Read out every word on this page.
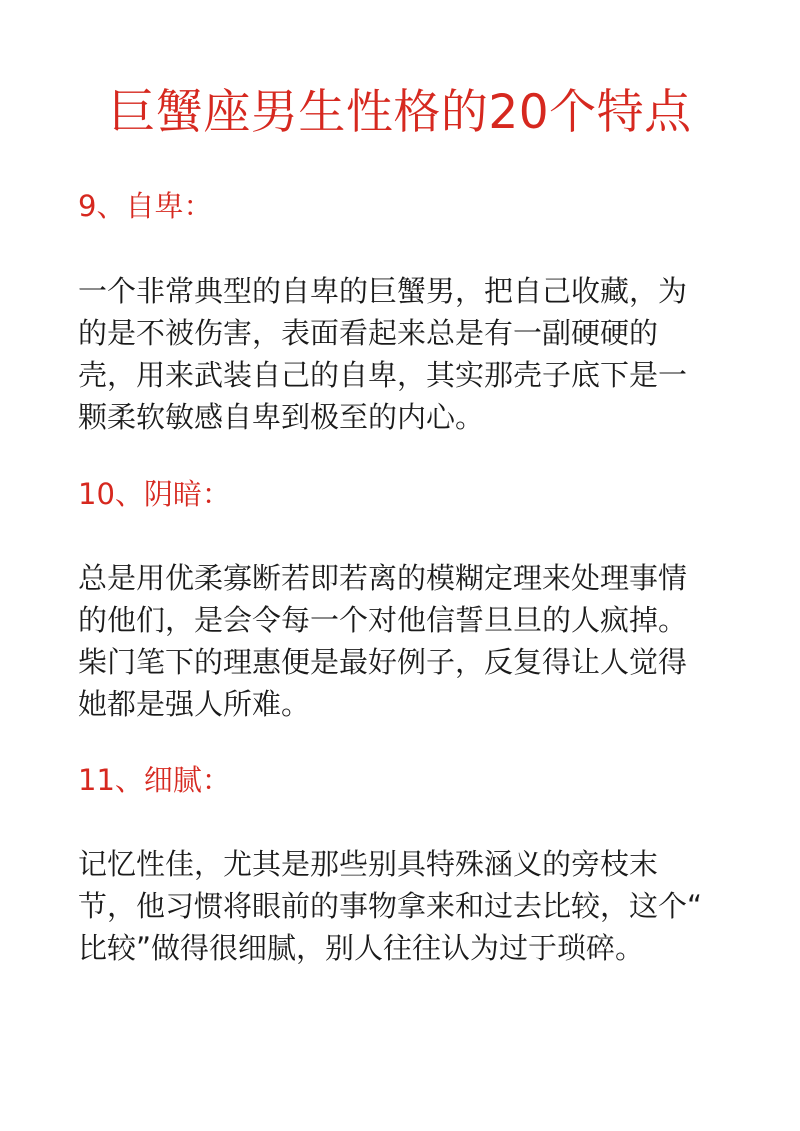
巨蟹座男生性格的20个特点
9、自卑：

一个非常典型的自卑的巨蟹男，把自己收藏，为
的是不被伤害，表面看起来总是有一副硬硬的
壳，用来武装自己的自卑，其实那壳子底下是一
颗柔软敏感自卑到极至的内心。

10、阴暗：

总是用优柔寡断若即若离的模糊定理来处理事情
的他们，是会令每一个对他信誓旦旦的人疯掉。
柴门笔下的理惠便是最好例子，反复得让人觉得
她都是强人所难。

11、细腻：

记忆性佳，尤其是那些别具特殊涵义的旁枝末
节，他习惯将眼前的事物拿来和过去比较，这个“
比较”做得很细腻，别人往往认为过于琐碎。
